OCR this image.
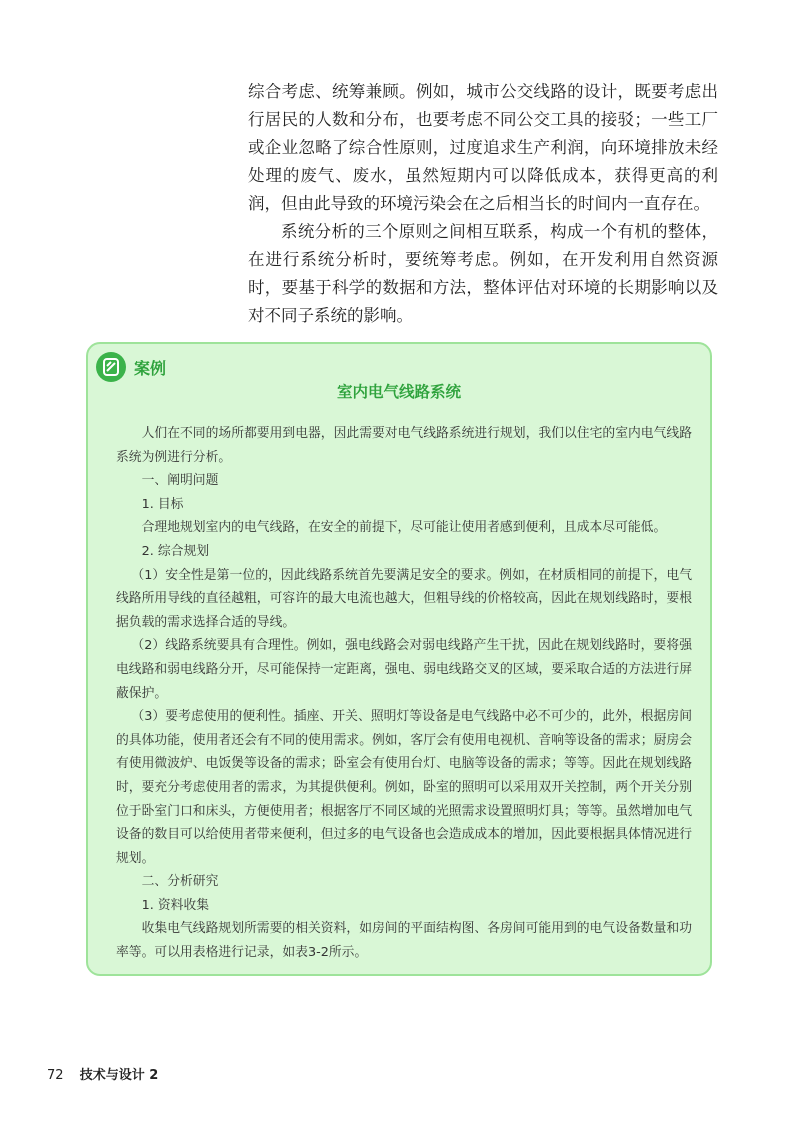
综合考虑、统筹兼顾。例如，城市公交线路的设计，既要考虑出行居民的人数和分布，也要考虑不同公交工具的接驳；一些工厂或企业忽略了综合性原则，过度追求生产利润，向环境排放未经处理的废气、废水，虽然短期内可以降低成本，获得更高的利润，但由此导致的环境污染会在之后相当长的时间内一直存在。

系统分析的三个原则之间相互联系，构成一个有机的整体，在进行系统分析时，要统筹考虑。例如，在开发利用自然资源时，要基于科学的数据和方法，整体评估对环境的长期影响以及对不同子系统的影响。

案例
室内电气线路系统

人们在不同的场所都要用到电器，因此需要对电气线路系统进行规划，我们以住宅的室内电气线路系统为例进行分析。

一、阐明问题

1. 目标

合理地规划室内的电气线路，在安全的前提下，尽可能让使用者感到便利，且成本尽可能低。

2. 综合规划

（1）安全性是第一位的，因此线路系统首先要满足安全的要求。例如，在材质相同的前提下，电气线路所用导线的直径越粗，可容许的最大电流也越大，但粗导线的价格较高，因此在规划线路时，要根据负载的需求选择合适的导线。

（2）线路系统要具有合理性。例如，强电线路会对弱电线路产生干扰，因此在规划线路时，要将强电线路和弱电线路分开，尽可能保持一定距离，强电、弱电线路交叉的区域，要采取合适的方法进行屏蔽保护。

（3）要考虑使用的便利性。插座、开关、照明灯等设备是电气线路中必不可少的，此外，根据房间的具体功能，使用者还会有不同的使用需求。例如，客厅会有使用电视机、音响等设备的需求；厨房会有使用微波炉、电饭煲等设备的需求；卧室会有使用台灯、电脑等设备的需求；等等。因此在规划线路时，要充分考虑使用者的需求，为其提供便利。例如，卧室的照明可以采用双开关控制，两个开关分别位于卧室门口和床头，方便使用者；根据客厅不同区域的光照需求设置照明灯具；等等。虽然增加电气设备的数目可以给使用者带来便利，但过多的电气设备也会造成成本的增加，因此要根据具体情况进行规划。

二、分析研究

1. 资料收集

收集电气线路规划所需要的相关资料，如房间的平面结构图、各房间可能用到的电气设备数量和功率等。可以用表格进行记录，如表3-2所示。

72 技术与设计 2
